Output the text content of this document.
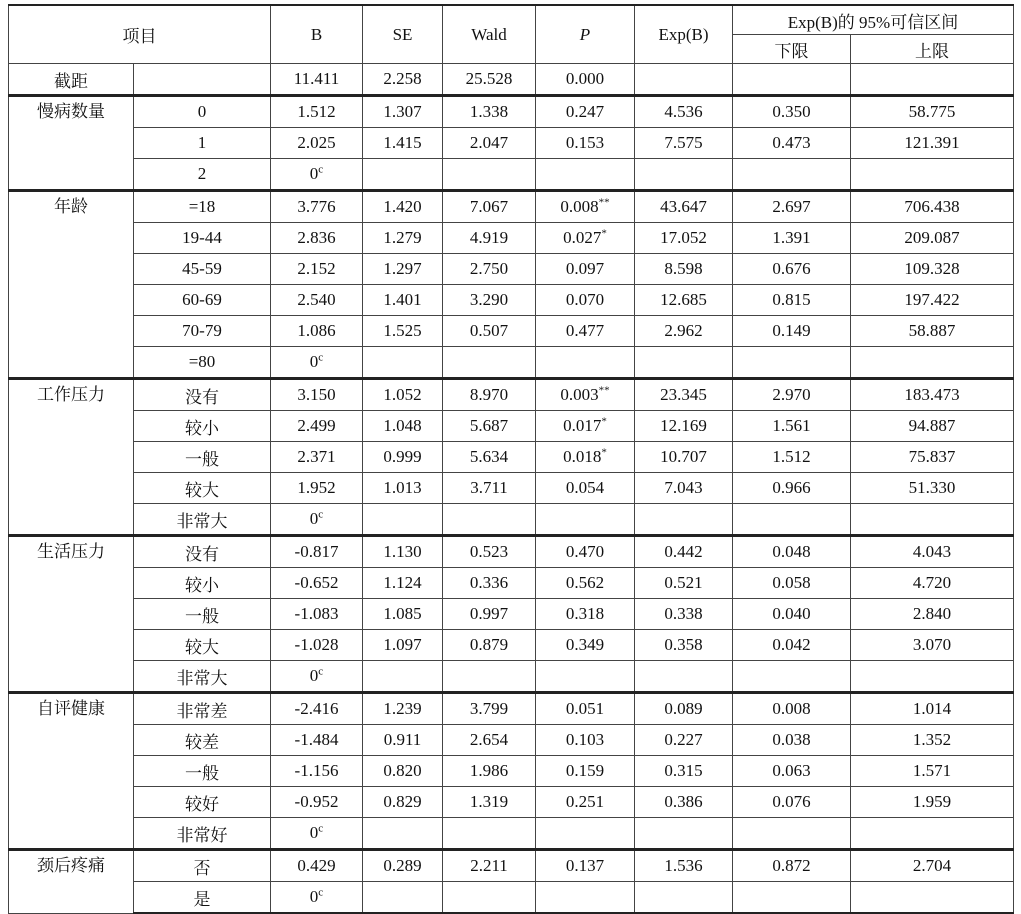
项目		B	SE	Wald	P	Exp(B)	Exp(B)的 95%可信区间	
							下限	上限
截距		11.411	2.258	25.528	0.000			
慢病数量	0	1.512	1.307	1.338	0.247	4.536	0.350	58.775
	1	2.025	1.415	2.047	0.153	7.575	0.473	121.391
	2	0$^c$						
年龄	=18	3.776	1.420	7.067	0.008**	43.647	2.697	706.438
	19-44	2.836	1.279	4.919	0.027*	17.052	1.391	209.087
	45-59	2.152	1.297	2.750	0.097	8.598	0.676	109.328
	60-69	2.540	1.401	3.290	0.070	12.685	0.815	197.422
	70-79	1.086	1.525	0.507	0.477	2.962	0.149	58.887
	=80	0$^c$						
工作压力	没有	3.150	1.052	8.970	0.003**	23.345	2.970	183.473
	较小	2.499	1.048	5.687	0.017*	12.169	1.561	94.887
	一般	2.371	0.999	5.634	0.018*	10.707	1.512	75.837
	较大	1.952	1.013	3.711	0.054	7.043	0.966	51.330
	非常大	0$^c$						
生活压力	没有	-0.817	1.130	0.523	0.470	0.442	0.048	4.043
	较小	-0.652	1.124	0.336	0.562	0.521	0.058	4.720
	一般	-1.083	1.085	0.997	0.318	0.338	0.040	2.840
	较大	-1.028	1.097	0.879	0.349	0.358	0.042	3.070
	非常大	0$^c$						
自评健康	非常差	-2.416	1.239	3.799	0.051	0.089	0.008	1.014
	较差	-1.484	0.911	2.654	0.103	0.227	0.038	1.352
	一般	-1.156	0.820	1.986	0.159	0.315	0.063	1.571
	较好	-0.952	0.829	1.319	0.251	0.386	0.076	1.959
	非常好	0$^c$						
颈后疼痛	否	0.429	0.289	2.211	0.137	1.536	0.872	2.704
	是	0$^c$						
